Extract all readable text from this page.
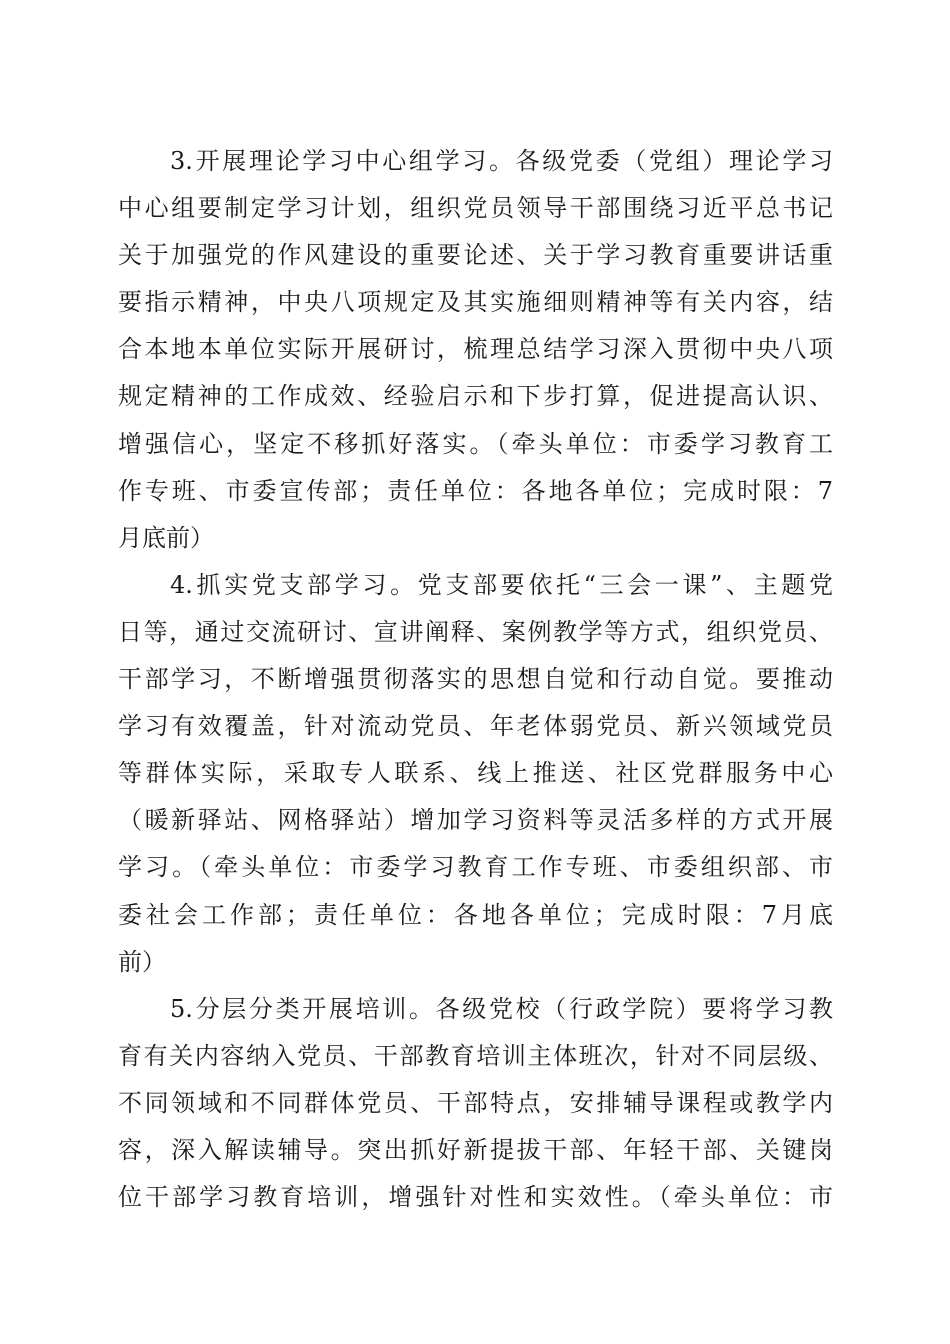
3.开展理论学习中心组学习。各级党委（党组）理论学习
中心组要制定学习计划，组织党员领导干部围绕习近平总书记
关于加强党的作风建设的重要论述、关于学习教育重要讲话重
要指示精神，中央八项规定及其实施细则精神等有关内容，结
合本地本单位实际开展研讨，梳理总结学习深入贯彻中央八项
规定精神的工作成效、经验启示和下步打算，促进提高认识、
增强信心，坚定不移抓好落实。（牵头单位：市委学习教育工
作专班、市委宣传部；责任单位：各地各单位；完成时限：7
月底前）
4.抓实党支部学习。党支部要依托“三会一课”、主题党
日等，通过交流研讨、宣讲阐释、案例教学等方式，组织党员、
干部学习，不断增强贯彻落实的思想自觉和行动自觉。要推动
学习有效覆盖，针对流动党员、年老体弱党员、新兴领域党员
等群体实际，采取专人联系、线上推送、社区党群服务中心
（暖新驿站、网格驿站）增加学习资料等灵活多样的方式开展
学习。（牵头单位：市委学习教育工作专班、市委组织部、市
委社会工作部；责任单位：各地各单位；完成时限：7月底
前）
5.分层分类开展培训。各级党校（行政学院）要将学习教
育有关内容纳入党员、干部教育培训主体班次，针对不同层级、
不同领域和不同群体党员、干部特点，安排辅导课程或教学内
容，深入解读辅导。突出抓好新提拔干部、年轻干部、关键岗
位干部学习教育培训，增强针对性和实效性。（牵头单位：市
